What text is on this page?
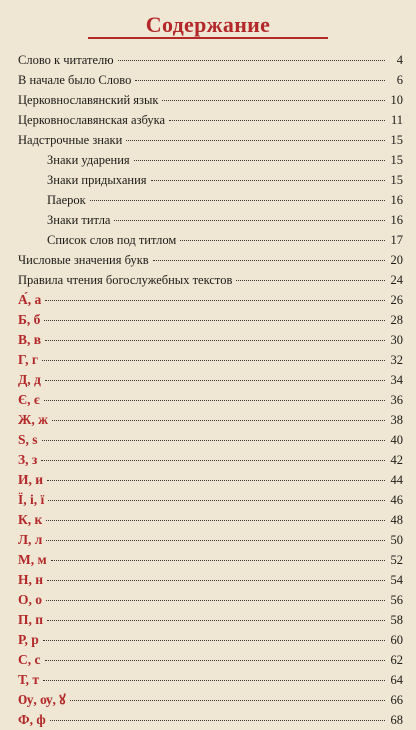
Содержание
Слово к читателю	4
В начале было Слово	6
Церковнославянский язык	10
Церковнославянская азбука	11
Надстрочные знаки	15
Знаки ударения	15
Знаки придыхания	15
Паерок	16
Знаки титла	16
Список слов под титлом	17
Числовые значения букв	20
Правила чтения богослужебных текстов	24
А́, а	26
Б, б	28
В, в	30
Г, г	32
Д, д	34
Є, є	36
Ж, ж	38
Ѕ, ѕ	40
З, з	42
И, и	44
Ї, і, ї	46
К, к	48
Л, л	50
М, м	52
Н, н	54
О, о	56
П, п	58
Р, р	60
С, с	62
Т, т	64
Ѹ, ѹ, ꙋ	66
Ф, ф	68
